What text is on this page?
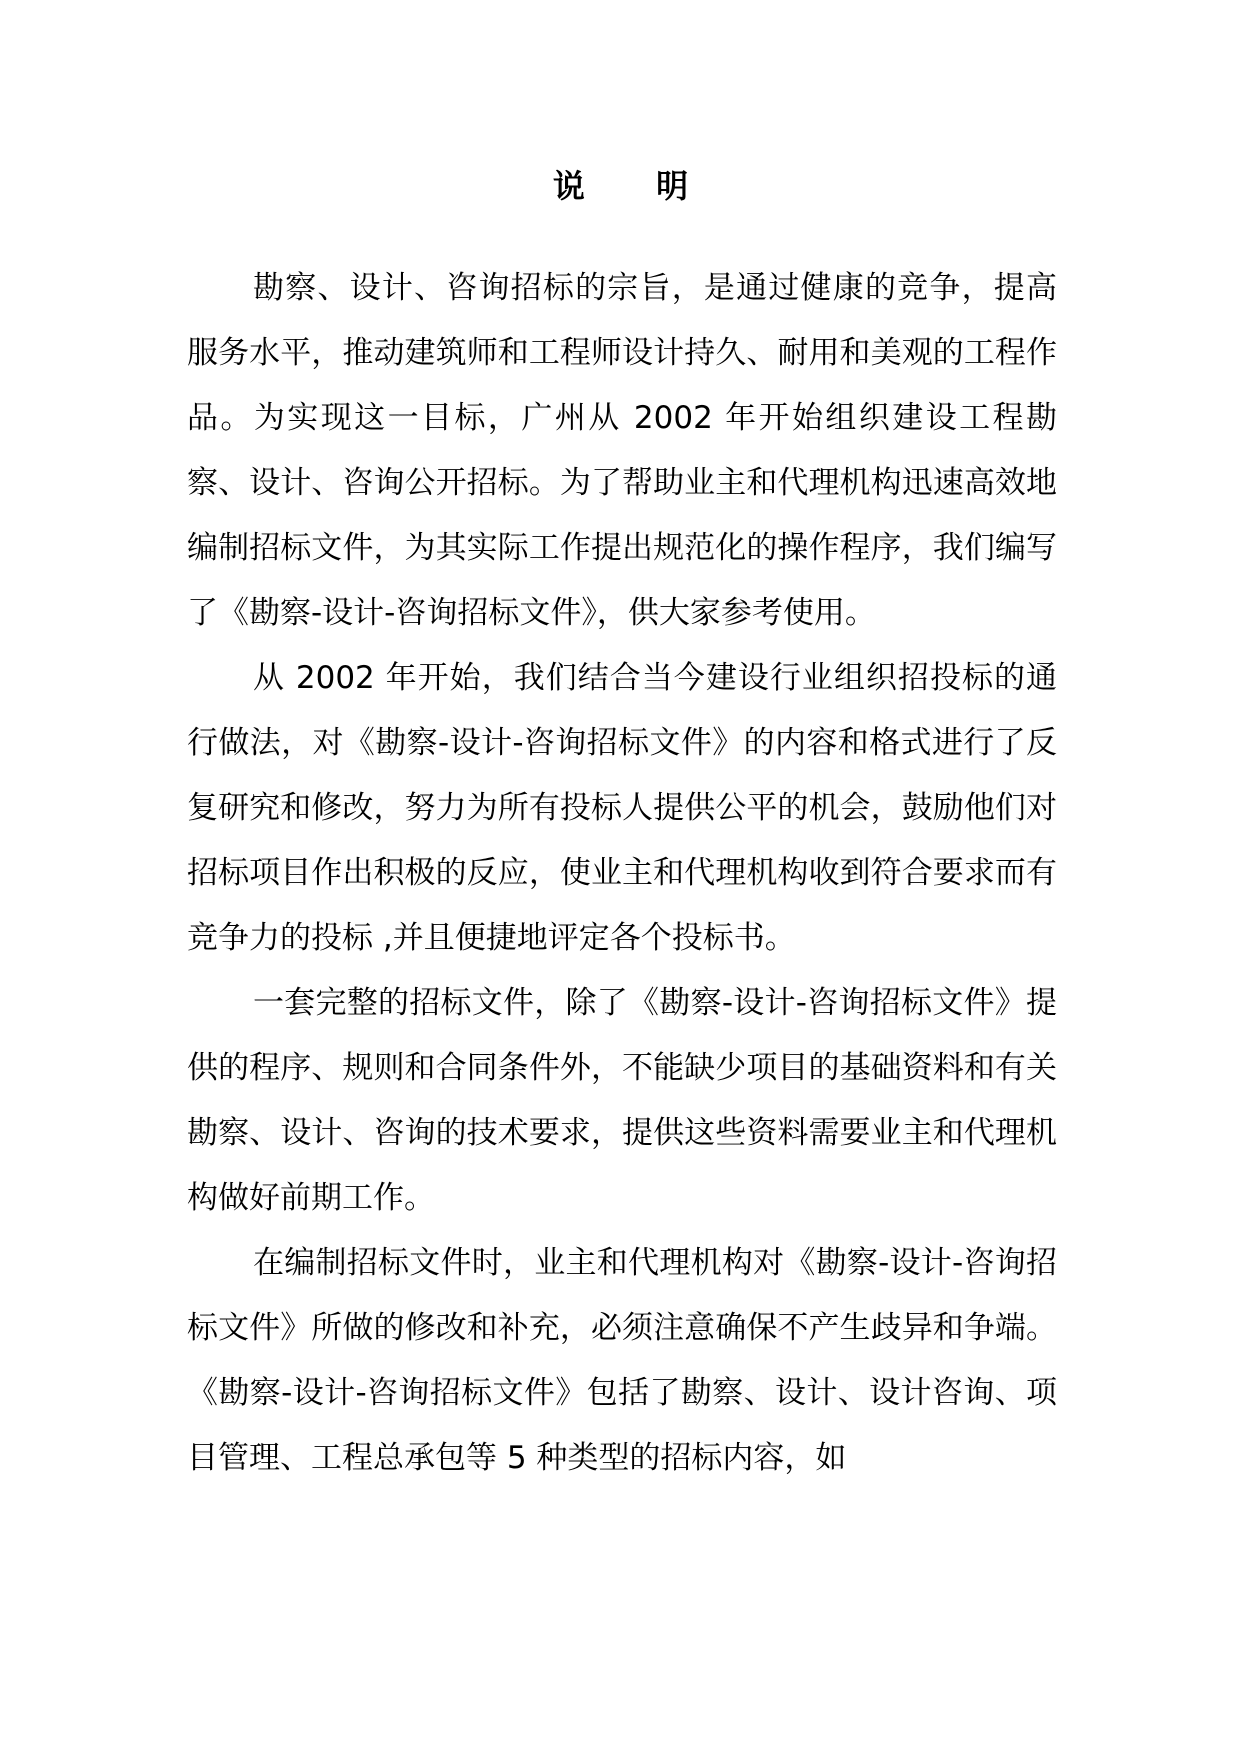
说 明

勘察、设计、咨询招标的宗旨，是通过健康的竞争，提高服务水平，推动建筑师和工程师设计持久、耐用和美观的工程作品。为实现这一目标，广州从 2002 年开始组织建设工程勘察、设计、咨询公开招标。为了帮助业主和代理机构迅速高效地编制招标文件，为其实际工作提出规范化的操作程序，我们编写了《勘察-设计-咨询招标文件》，供大家参考使用。

从 2002 年开始，我们结合当今建设行业组织招投标的通行做法，对《勘察-设计-咨询招标文件》的内容和格式进行了反复研究和修改，努力为所有投标人提供公平的机会，鼓励他们对招标项目作出积极的反应，使业主和代理机构收到符合要求而有竞争力的投标 ,并且便捷地评定各个投标书。

一套完整的招标文件，除了《勘察-设计-咨询招标文件》提供的程序、规则和合同条件外，不能缺少项目的基础资料和有关勘察、设计、咨询的技术要求，提供这些资料需要业主和代理机构做好前期工作。

在编制招标文件时，业主和代理机构对《勘察-设计-咨询招标文件》所做的修改和补充，必须注意确保不产生歧异和争端。《勘察-设计-咨询招标文件》包括了勘察、设计、设计咨询、项目管理、工程总承包等 5 种类型的招标内容，如
